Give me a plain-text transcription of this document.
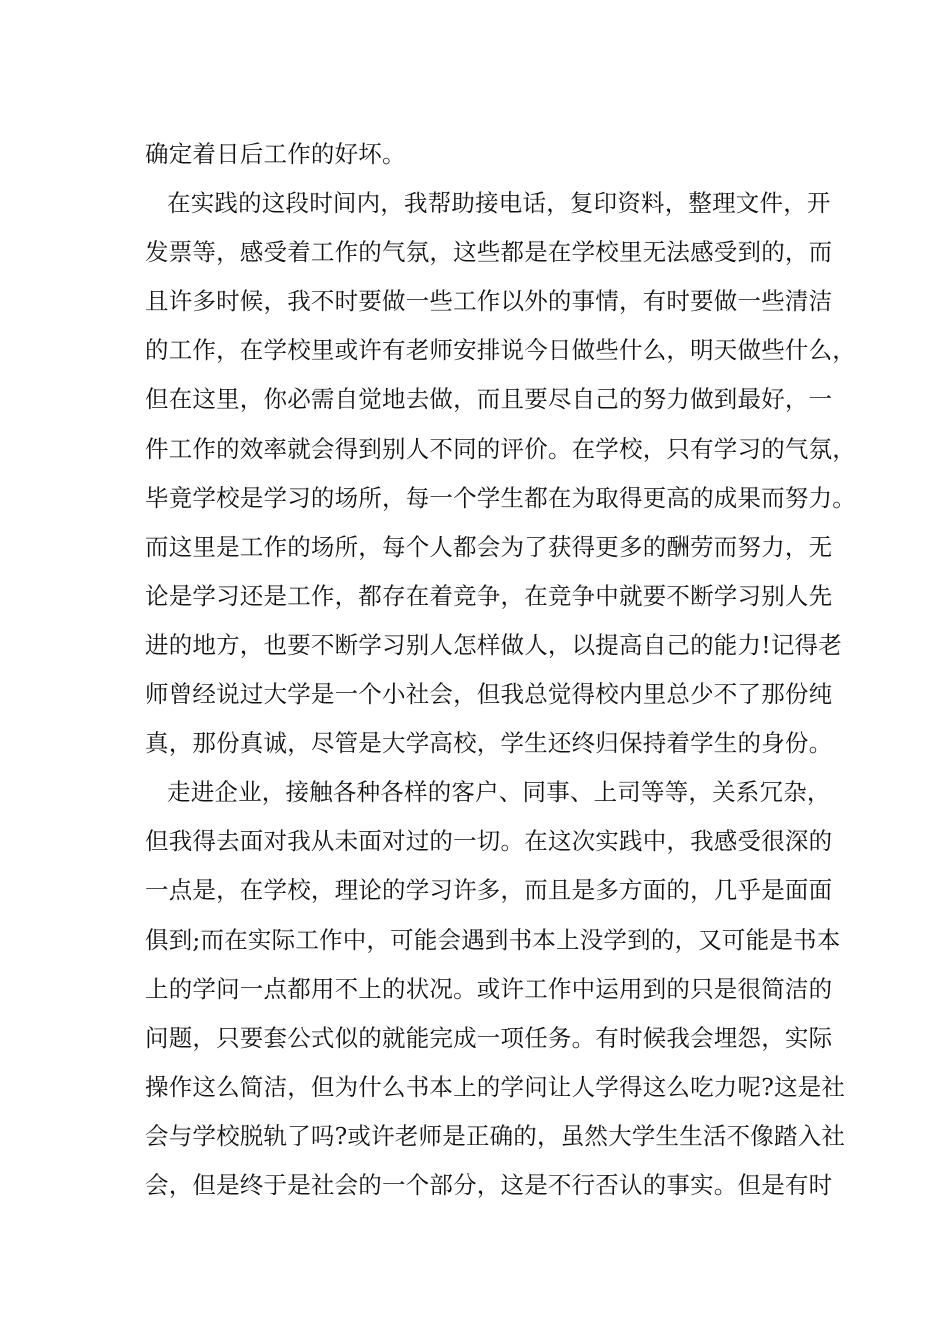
确定着日后工作的好坏。
在实践的这段时间内，我帮助接电话，复印资料，整理文件，开
发票等，感受着工作的气氛，这些都是在学校里无法感受到的，而
且许多时候，我不时要做一些工作以外的事情，有时要做一些清洁
的工作，在学校里或许有老师安排说今日做些什么，明天做些什么，
但在这里，你必需自觉地去做，而且要尽自己的努力做到最好，一
件工作的效率就会得到别人不同的评价。在学校，只有学习的气氛，
毕竟学校是学习的场所，每一个学生都在为取得更高的成果而努力。
而这里是工作的场所，每个人都会为了获得更多的酬劳而努力，无
论是学习还是工作，都存在着竞争，在竞争中就要不断学习别人先
进的地方，也要不断学习别人怎样做人，以提高自己的能力!记得老
师曾经说过大学是一个小社会，但我总觉得校内里总少不了那份纯
真，那份真诚，尽管是大学高校，学生还终归保持着学生的身份。
走进企业，接触各种各样的客户、同事、上司等等，关系冗杂，
但我得去面对我从未面对过的一切。在这次实践中，我感受很深的
一点是，在学校，理论的学习许多，而且是多方面的，几乎是面面
俱到;而在实际工作中，可能会遇到书本上没学到的，又可能是书本
上的学问一点都用不上的状况。或许工作中运用到的只是很简洁的
问题，只要套公式似的就能完成一项任务。有时候我会埋怨，实际
操作这么简洁，但为什么书本上的学问让人学得这么吃力呢?这是社
会与学校脱轨了吗?或许老师是正确的，虽然大学生生活不像踏入社
会，但是终于是社会的一个部分，这是不行否认的事实。但是有时
